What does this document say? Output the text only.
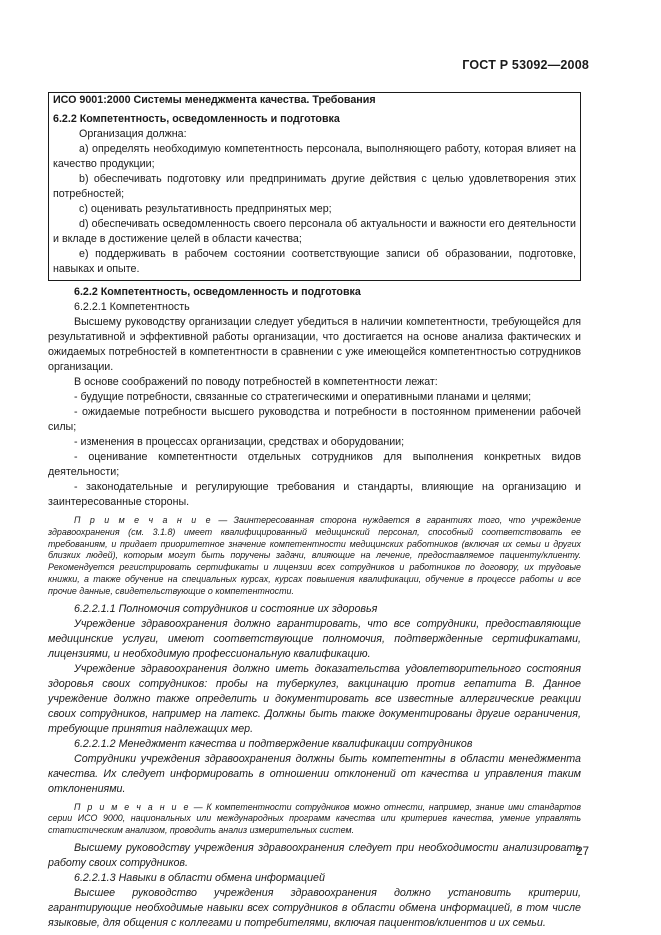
ГОСТ Р 53092—2008

ИСО 9001:2000 Системы менеджмента качества. Требования

6.2.2 Компетентность, осведомленность и подготовка

Организация должна:

а) определять необходимую компетентность персонала, выполняющего работу, которая влияет на качество продукции;

b) обеспечивать подготовку или предпринимать другие действия с целью удовлетворения этих потребностей;

с) оценивать результативность предпринятых мер;

d) обеспечивать осведомленность своего персонала об актуальности и важности его деятельности и вкладе в достижение целей в области качества;

е) поддерживать в рабочем состоянии соответствующие записи об образовании, подготовке, навыках и опыте.

6.2.2 Компетентность, осведомленность и подготовка

6.2.2.1 Компетентность

Высшему руководству организации следует убедиться в наличии компетентности, требующейся для результативной и эффективной работы организации, что достигается на основе анализа фактических и ожидаемых потребностей в компетентности в сравнении с уже имеющейся компетентностью сотрудников организации.

В основе соображений по поводу потребностей в компетентности лежат:

- будущие потребности, связанные со стратегическими и оперативными планами и целями;

- ожидаемые потребности высшего руководства и потребности в постоянном применении рабочей силы;

- изменения в процессах организации, средствах и оборудовании;

- оценивание компетентности отдельных сотрудников для выполнения конкретных видов деятельности;

- законодательные и регулирующие требования и стандарты, влияющие на организацию и заинтересованные стороны.

П р и м е ч а н и е — Заинтересованная сторона нуждается в гарантиях того, что учреждение здравоохранения (см. 3.1.8) имеет квалифицированный медицинский персонал, способный соответствовать ее требованиям, и придает приоритетное значение компетентности медицинских работников (включая их семьи и других близких людей), которым могут быть поручены задачи, влияющие на лечение, предоставляемое пациенту/клиенту. Рекомендуется регистрировать сертификаты и лицензии всех сотрудников и работников по договору, их трудовые книжки, а также обучение на специальных курсах, курсах повышения квалификации, обучение в процессе работы и все прочие данные, свидетельствующие о компетентности.

6.2.2.1.1 Полномочия сотрудников и состояние их здоровья

Учреждение здравоохранения должно гарантировать, что все сотрудники, предоставляющие медицинские услуги, имеют соответствующие полномочия, подтвержденные сертификатами, лицензиями, и необходимую профессиональную квалификацию.

Учреждение здравоохранения должно иметь доказательства удовлетворительного состояния здоровья своих сотрудников: пробы на туберкулез, вакцинацию против гепатита В. Данное учреждение должно также определить и документировать все известные аллергические реакции своих сотрудников, например на латекс. Должны быть также документированы другие ограничения, требующие принятия надлежащих мер.

6.2.2.1.2 Менеджмент качества и подтверждение квалификации сотрудников

Сотрудники учреждения здравоохранения должны быть компетентны в области менеджмента качества. Их следует информировать в отношении отклонений от качества и управления таким отклонениями.

П р и м е ч а н и е — К компетентности сотрудников можно отнести, например, знание ими стандартов серии ИСО 9000, национальных или международных программ качества или критериев качества, умение управлять статистическим анализом, проводить анализ измерительных систем.

Высшему руководству учреждения здравоохранения следует при необходимости анализировать работу своих сотрудников.

6.2.2.1.3 Навыки в области обмена информацией

Высшее руководство учреждения здравоохранения должно установить критерии, гарантирующие необходимые навыки всех сотрудников в области обмена информацией, в том числе языковые, для общения с коллегами и потребителями, включая пациентов/клиентов и их семьи.

27
